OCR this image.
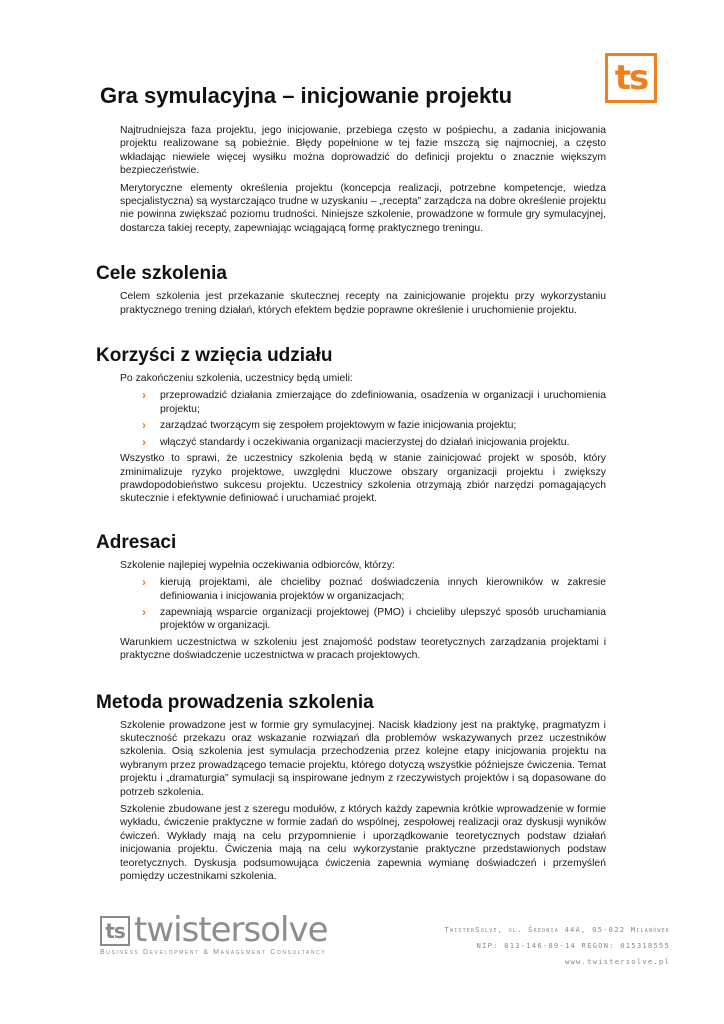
ts
Gra symulacyjna – inicjowanie projektu

Najtrudniejsza faza projektu, jego inicjowanie, przebiega często w pośpiechu, a zadania inicjowania projektu realizowane są pobieżnie. Błędy popełnione w tej fazie mszczą się najmocniej, a często wkładając niewiele więcej wysiłku można doprowadzić do definicji projektu o znacznie większym bezpieczeństwie.

Merytoryczne elementy określenia projektu (koncepcja realizacji, potrzebne kompetencje, wiedza specjalistyczna) są wystarczająco trudne w uzyskaniu – „recepta” zarządcza na dobre określenie projektu nie powinna zwiększać poziomu trudności. Niniejsze szkolenie, prowadzone w formule gry symulacyjnej, dostarcza takiej recepty, zapewniając wciągającą formę praktycznego treningu.

Cele szkolenia

Celem szkolenia jest przekazanie skutecznej recepty na zainicjowanie projektu przy wykorzystaniu praktycznego trening działań, których efektem będzie poprawne określenie i uruchomienie projektu.

Korzyści z wzięcia udziału

Po zakończeniu szkolenia, uczestnicy będą umieli:

› przeprowadzić działania zmierzające do zdefiniowania, osadzenia w organizacji i uruchomienia projektu;
› zarządzać tworzącym się zespołem projektowym w fazie inicjowania projektu;
› włączyć standardy i oczekiwania organizacji macierzystej do działań inicjowania projektu.

Wszystko to sprawi, że uczestnicy szkolenia będą w stanie zainicjować projekt w sposób, który zminimalizuje ryzyko projektowe, uwzględni kluczowe obszary organizacji projektu i zwiększy prawdopodobieństwo sukcesu projektu. Uczestnicy szkolenia otrzymają zbiór narzędzi pomagających skutecznie i efektywnie definiować i uruchamiać projekt.

Adresaci

Szkolenie najlepiej wypełnia oczekiwania odbiorców, którzy:

› kierują projektami, ale chcieliby poznać doświadczenia innych kierowników w zakresie definiowania i inicjowania projektów w organizacjach;
› zapewniają wsparcie organizacji projektowej (PMO) i chcieliby ulepszyć sposób uruchamiania projektów w organizacji.

Warunkiem uczestnictwa w szkoleniu jest znajomość podstaw teoretycznych zarządzania projektami i praktyczne doświadczenie uczestnictwa w pracach projektowych.

Metoda prowadzenia szkolenia

Szkolenie prowadzone jest w formie gry symulacyjnej. Nacisk kładziony jest na praktykę, pragmatyzm i skuteczność przekazu oraz wskazanie rozwiązań dla problemów wskazywanych przez uczestników szkolenia. Osią szkolenia jest symulacja przechodzenia przez kolejne etapy inicjowania projektu na wybranym przez prowadzącego temacie projektu, którego dotyczą wszystkie późniejsze ćwiczenia. Temat projektu i „dramaturgia” symulacji są inspirowane jednym z rzeczywistych projektów i są dopasowane do potrzeb szkolenia.

Szkolenie zbudowane jest z szeregu modułów, z których każdy zapewnia krótkie wprowadzenie w formie wykładu, ćwiczenie praktyczne w formie zadań do wspólnej, zespołowej realizacji oraz dyskusji wyników ćwiczeń. Wykłady mają na celu przypomnienie i uporządkowanie teoretycznych podstaw działań inicjowania projektu. Ćwiczenia mają na celu wykorzystanie praktyczne przedstawionych podstaw teoretycznych. Dyskusja podsumowująca ćwiczenia zapewnia wymianę doświadczeń i przemyśleń pomiędzy uczestnikami szkolenia.

ts twistersolve
Business Development & Management Consultancy
TwisterSolve, ul. Średnia 44A, 05-822 Milanówek
NIP: 813-146-89-14 REGON: 015318555
www.twistersolve.pl
